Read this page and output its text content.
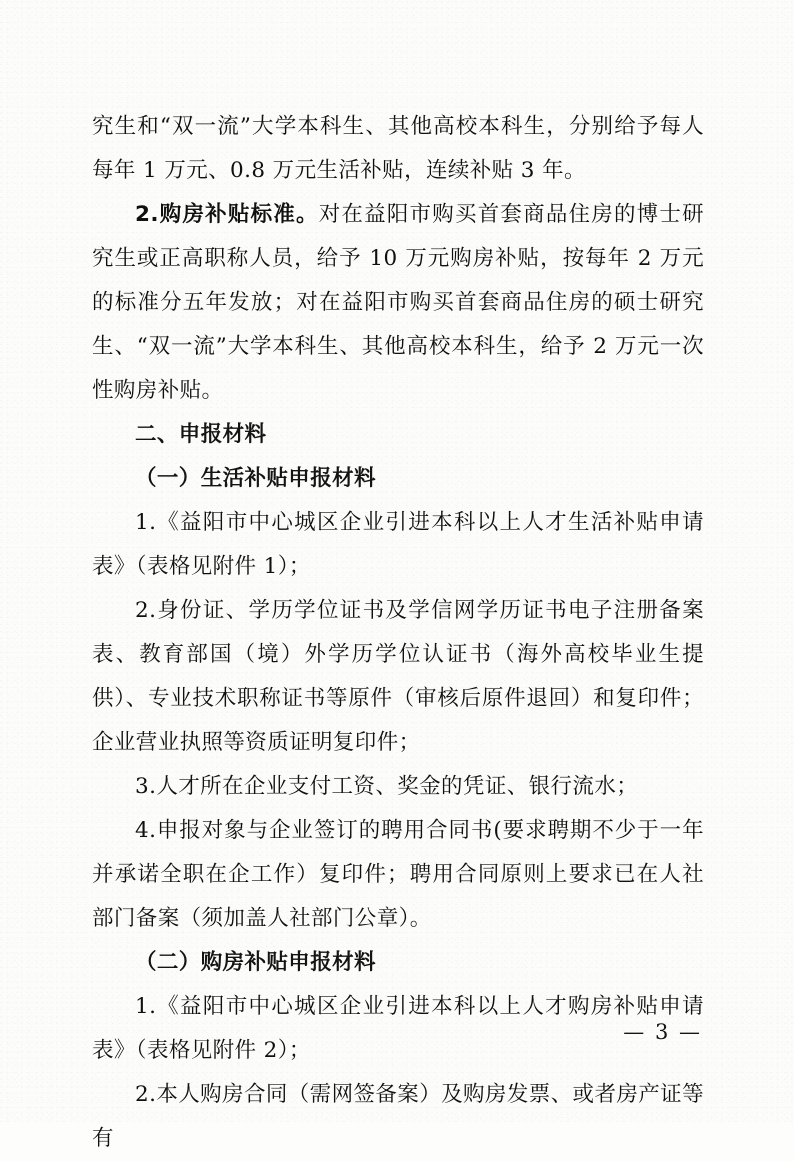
究生和“双一流”大学本科生、其他高校本科生，分别给予每人每年 1 万元、0.8 万元生活补贴，连续补贴 3 年。

2.购房补贴标准。对在益阳市购买首套商品住房的博士研究生或正高职称人员，给予 10 万元购房补贴，按每年 2 万元的标准分五年发放；对在益阳市购买首套商品住房的硕士研究生、“双一流”大学本科生、其他高校本科生，给予 2 万元一次性购房补贴。

二、申报材料

（一）生活补贴申报材料

1.《益阳市中心城区企业引进本科以上人才生活补贴申请表》（表格见附件 1）；

2.身份证、学历学位证书及学信网学历证书电子注册备案表、教育部国（境）外学历学位认证书（海外高校毕业生提供）、专业技术职称证书等原件（审核后原件退回）和复印件；企业营业执照等资质证明复印件；

3.人才所在企业支付工资、奖金的凭证、银行流水；

4.申报对象与企业签订的聘用合同书(要求聘期不少于一年并承诺全职在企工作）复印件；聘用合同原则上要求已在人社部门备案（须加盖人社部门公章）。

（二）购房补贴申报材料

1.《益阳市中心城区企业引进本科以上人才购房补贴申请表》（表格见附件 2）；

2.本人购房合同（需网签备案）及购房发票、或者房产证等有

— 3 —
